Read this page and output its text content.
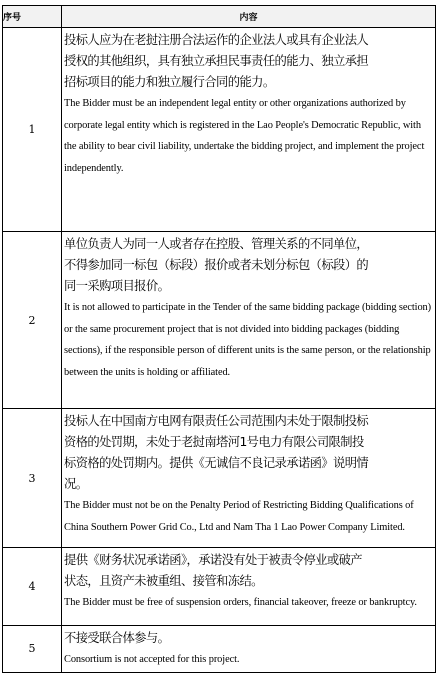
序号	内容
1	投标人应为在老挝注册合法运作的企业法人或具有企业法人
授权的其他组织，具有独立承担民事责任的能力、独立承担
招标项目的能力和独立履行合同的能力。
The Bidder must be an independent legal entity or other organizations authorized by corporate legal entity which is registered in the Lao People's Democratic Republic, with the ability to bear civil liability, undertake the bidding project, and implement the project independently.

2	单位负责人为同一人或者存在控股、管理关系的不同单位，
不得参加同一标包（标段）报价或者未划分标包（标段）的
同一采购项目报价。
It is not allowed to participate in the Tender of the same bidding package (bidding section) or the same procurement project that is not divided into bidding packages (bidding sections), if the responsible person of different units is the same person, or the relationship between the units is holding or affiliated.

3	投标人在中国南方电网有限责任公司范围内未处于限制投标
资格的处罚期，未处于老挝南塔河1号电力有限公司限制投
标资格的处罚期内。提供《无诚信不良记录承诺函》说明情
况。
The Bidder must not be on the Penalty Period of Restricting Bidding Qualifications of China Southern Power Grid Co., Ltd and Nam Tha 1 Lao Power Company Limited.

4	提供《财务状况承诺函》，承诺没有处于被责令停业或破产
状态，且资产未被重组、接管和冻结。
The Bidder must be free of suspension orders, financial takeover, freeze or bankruptcy.

5	不接受联合体参与。
Consortium is not accepted for this project.
